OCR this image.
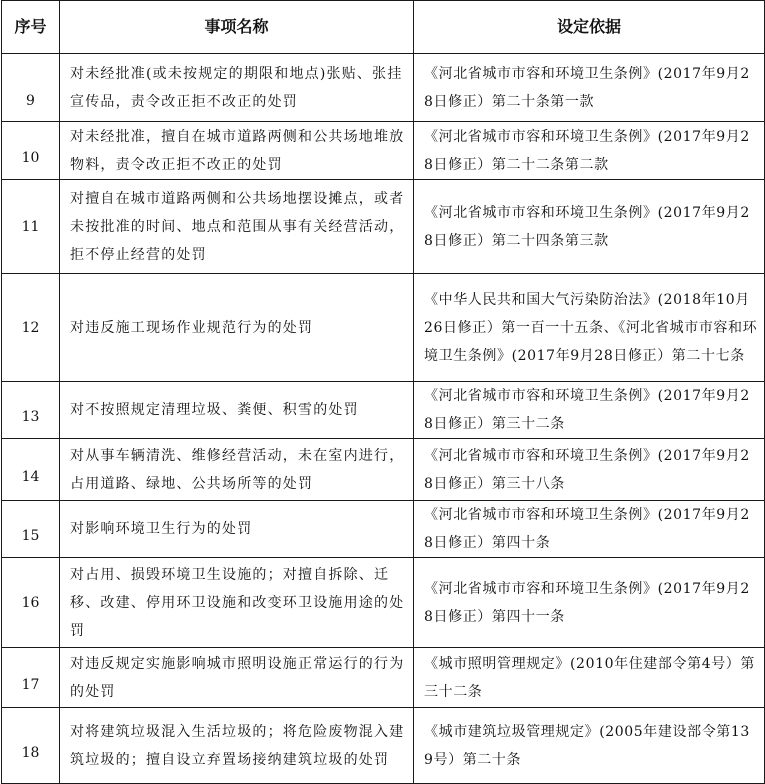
序号	事项名称	设定依据
9	对未经批准(或未按规定的期限和地点)张贴、张挂宣传品，责令改正拒不改正的处罚	《河北省城市市容和环境卫生条例》(2017年9月28日修正）第二十条第一款
10	对未经批准，擅自在城市道路两侧和公共场地堆放物料，责令改正拒不改正的处罚	《河北省城市市容和环境卫生条例》(2017年9月28日修正）第二十二条第二款
11	对擅自在城市道路两侧和公共场地摆设摊点，或者未按批准的时间、地点和范围从事有关经营活动，拒不停止经营的处罚	《河北省城市市容和环境卫生条例》(2017年9月28日修正）第二十四条第三款
12	对违反施工现场作业规范行为的处罚	《中华人民共和国大气污染防治法》(2018年10月26日修正）第一百一十五条、《河北省城市市容和环境卫生条例》(2017年9月28日修正）第二十七条
13	对不按照规定清理垃圾、粪便、积雪的处罚	《河北省城市市容和环境卫生条例》(2017年9月28日修正）第三十二条
14	对从事车辆清洗、维修经营活动，未在室内进行，占用道路、绿地、公共场所等的处罚	《河北省城市市容和环境卫生条例》(2017年9月28日修正）第三十八条
15	对影响环境卫生行为的处罚	《河北省城市市容和环境卫生条例》(2017年9月28日修正）第四十条
16	对占用、损毁环境卫生设施的；对擅自拆除、迁移、改建、停用环卫设施和改变环卫设施用途的处罚	《河北省城市市容和环境卫生条例》(2017年9月28日修正）第四十一条
17	对违反规定实施影响城市照明设施正常运行的行为的处罚	《城市照明管理规定》(2010年住建部令第4号）第三十二条
18	对将建筑垃圾混入生活垃圾的；将危险废物混入建筑垃圾的；擅自设立弃置场接纳建筑垃圾的处罚	《城市建筑垃圾管理规定》(2005年建设部令第139号）第二十条
